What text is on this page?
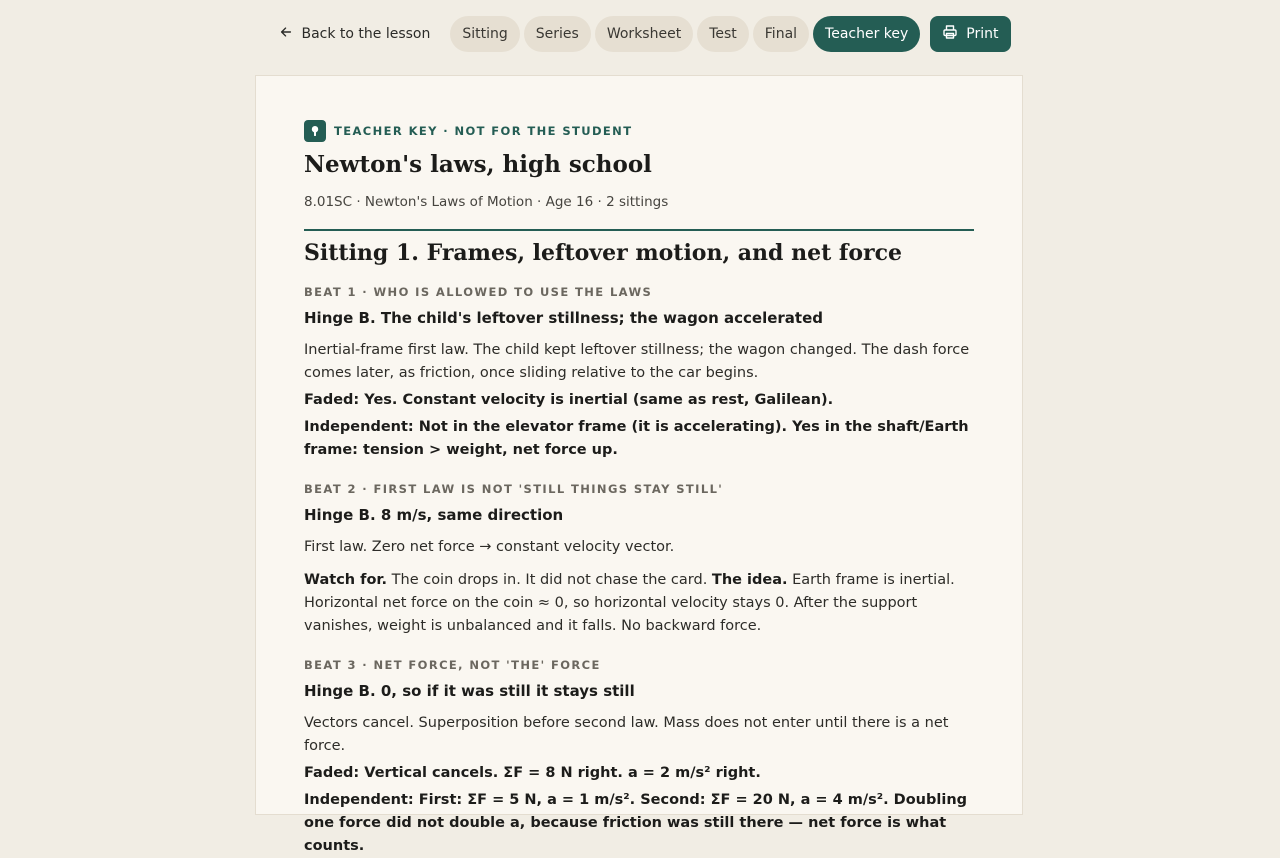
Back to the lesson	Sitting	Series	Worksheet	Test	Final	Teacher key	Print
TEACHER KEY · NOT FOR THE STUDENT
Newton's laws, high school
8.01SC · Newton's Laws of Motion · Age 16 · 2 sittings
Sitting 1. Frames, leftover motion, and net force
BEAT 1 · WHO IS ALLOWED TO USE THE LAWS
Hinge B. The child's leftover stillness; the wagon accelerated
Inertial-frame first law. The child kept leftover stillness; the wagon changed. The dash force comes later, as friction, once sliding relative to the car begins.
Faded: Yes. Constant velocity is inertial (same as rest, Galilean).
Independent: Not in the elevator frame (it is accelerating). Yes in the shaft/Earth frame: tension > weight, net force up.
BEAT 2 · FIRST LAW IS NOT 'STILL THINGS STAY STILL'
Hinge B. 8 m/s, same direction
First law. Zero net force → constant velocity vector.
Watch for. The coin drops in. It did not chase the card. The idea. Earth frame is inertial. Horizontal net force on the coin ≈ 0, so horizontal velocity stays 0. After the support vanishes, weight is unbalanced and it falls. No backward force.
BEAT 3 · NET FORCE, NOT 'THE' FORCE
Hinge B. 0, so if it was still it stays still
Vectors cancel. Superposition before second law. Mass does not enter until there is a net force.
Faded: Vertical cancels. ΣF = 8 N right. a = 2 m/s² right.
Independent: First: ΣF = 5 N, a = 1 m/s². Second: ΣF = 20 N, a = 4 m/s². Doubling one force did not double a, because friction was still there — net force is what counts.
